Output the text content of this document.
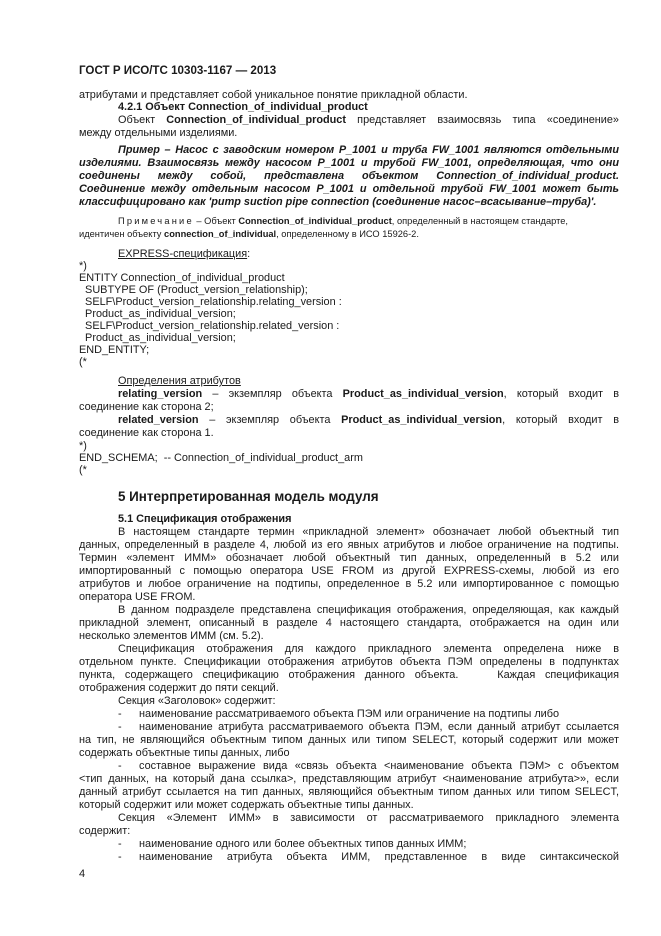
ГОСТ Р ИСО/ТС 10303-1167 — 2013
атрибутами и представляет собой уникальное понятие прикладной области.
4.2.1 Объект Connection_of_individual_product
Объект Connection_of_individual_product представляет взаимосвязь типа «соединение»
между отдельными изделиями.
Пример – Насос с заводским номером P_1001 и труба FW_1001 являются отдельными
изделиями. Взаимосвязь между насосом P_1001 и трубой FW_1001, определяющая, что они
соединены между собой, представлена объектом Connection_of_individual_product.
Соединение между отдельным насосом P_1001 и отдельной трубой FW_1001 может быть
классифицировано как 'pump suction pipe connection (соединение насос–всасывание–труба)'.
Примечание – Объект Connection_of_individual_product, определенный в настоящем стандарте,
идентичен объекту connection_of_individual, определенному в ИСО 15926-2.
EXPRESS-спецификация:
*)
ENTITY Connection_of_individual_product
SUBTYPE OF (Product_version_relationship);
SELF\Product_version_relationship.relating_version :
Product_as_individual_version;
SELF\Product_version_relationship.related_version :
Product_as_individual_version;
END_ENTITY;
(*
Определения атрибутов
relating_version – экземпляр объекта Product_as_individual_version, который входит в
соединение как сторона 2;
related_version – экземпляр объекта Product_as_individual_version, который входит в
соединение как сторона 1.
*)
END_SCHEMA;  -- Connection_of_individual_product_arm
(*
5 Интерпретированная модель модуля
5.1 Спецификация отображения
В настоящем стандарте термин «прикладной элемент» обозначает любой объектный тип
данных, определенный в разделе 4, любой из его явных атрибутов и любое ограничение на подтипы.
Термин «элемент ИММ» обозначает любой объектный тип данных, определенный в 5.2 или
импортированный с помощью оператора USE FROM из другой EXPRESS-схемы, любой из его
атрибутов и любое ограничение на подтипы, определенное в 5.2 или импортированное с помощью
оператора USE FROM.
В данном подразделе представлена спецификация отображения, определяющая, как каждый
прикладной элемент, описанный в разделе 4 настоящего стандарта, отображается на один или
несколько элементов ИММ (см. 5.2).
Спецификация отображения для каждого прикладного элемента определена ниже в
отдельном пункте. Спецификации отображения атрибутов объекта ПЭМ определены в подпунктах
пункта, содержащего спецификацию отображения данного объекта.    Каждая спецификация
отображения содержит до пяти секций.
Секция «Заголовок» содержит:
- наименование рассматриваемого объекта ПЭМ или ограничение на подтипы либо
- наименование атрибута рассматриваемого объекта ПЭМ, если данный атрибут ссылается
на тип, не являющийся объектным типом данных или типом SELECT, который содержит или может
содержать объектные типы данных, либо
- составное выражение вида «связь объекта <наименование объекта ПЭМ> с объектом
<тип данных, на который дана ссылка>, представляющим атрибут <наименование атрибута>», если
данный атрибут ссылается на тип данных, являющийся объектным типом данных или типом SELECT,
который содержит или может содержать объектные типы данных.
Секция «Элемент ИММ» в зависимости от рассматриваемого прикладного элемента
содержит:
- наименование одного или более объектных типов данных ИММ;
- наименование атрибута объекта ИММ, представленное в виде синтаксической
4
